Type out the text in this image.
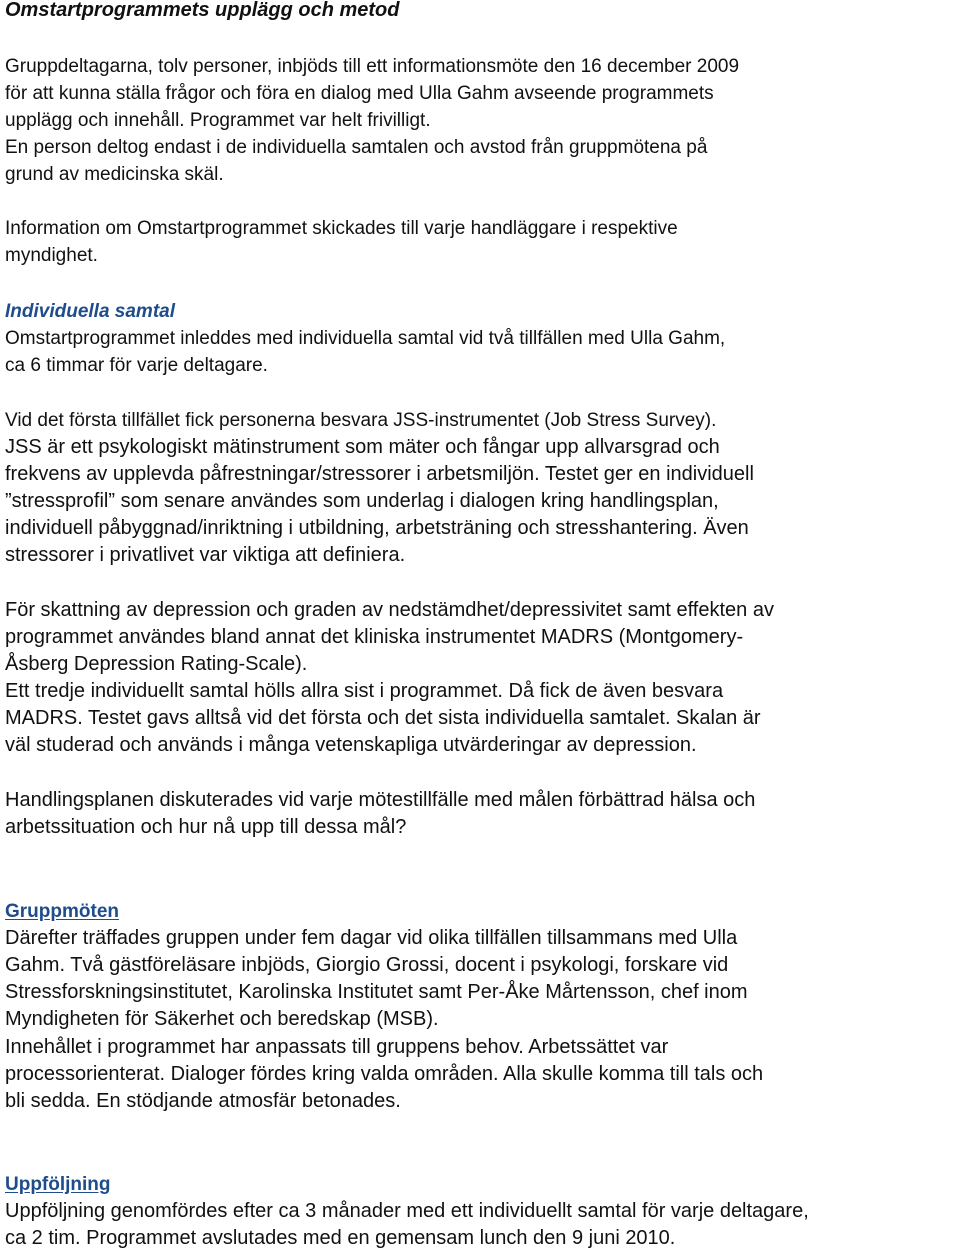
Omstartprogrammets upplägg och metod
Gruppdeltagarna, tolv personer, inbjöds till ett informationsmöte den 16 december 2009
för att kunna ställa frågor och föra en dialog med Ulla Gahm avseende programmets
upplägg och innehåll. Programmet var helt frivilligt.
En person deltog endast i de individuella samtalen och avstod från gruppmötena på
grund av medicinska skäl.
Information om Omstartprogrammet skickades till varje handläggare i respektive
myndighet.
Individuella samtal
Omstartprogrammet inleddes med individuella samtal vid två tillfällen med Ulla Gahm,
ca 6 timmar för varje deltagare.
Vid det första tillfället fick personerna besvara JSS-instrumentet (Job Stress Survey).
JSS är ett psykologiskt mätinstrument som mäter och fångar upp allvarsgrad och
frekvens av upplevda påfrestningar/stressorer i arbetsmiljön. Testet ger en individuell
”stressprofil” som senare användes som underlag i dialogen kring handlingsplan,
individuell påbyggnad/inriktning i utbildning, arbetsträning och stresshantering. Även
stressorer i privatlivet var viktiga att definiera.
För skattning av depression och graden av nedstämdhet/depressivitet samt effekten av
programmet användes bland annat det kliniska instrumentet MADRS (Montgomery-
Åsberg Depression Rating-Scale).
Ett tredje individuellt samtal hölls allra sist i programmet. Då fick de även besvara
MADRS. Testet gavs alltså vid det första och det sista individuella samtalet. Skalan är
väl studerad och används i många vetenskapliga utvärderingar av depression.
Handlingsplanen diskuterades vid varje mötestillfälle med målen förbättrad hälsa och
arbetssituation och hur nå upp till dessa mål?
Gruppmöten
Därefter träffades gruppen under fem dagar vid olika tillfällen tillsammans med Ulla
Gahm. Två gästföreläsare inbjöds, Giorgio Grossi, docent i psykologi, forskare vid
Stressforskningsinstitutet, Karolinska Institutet samt Per-Åke Mårtensson, chef inom
Myndigheten för Säkerhet och beredskap (MSB).
Innehållet i programmet har anpassats till gruppens behov. Arbetssättet var
processorienterat. Dialoger fördes kring valda områden. Alla skulle komma till tals och
bli sedda. En stödjande atmosfär betonades.
Uppföljning
Uppföljning genomfördes efter ca 3 månader med ett individuellt samtal för varje deltagare,
ca 2 tim. Programmet avslutades med en gemensam lunch den 9 juni 2010.
